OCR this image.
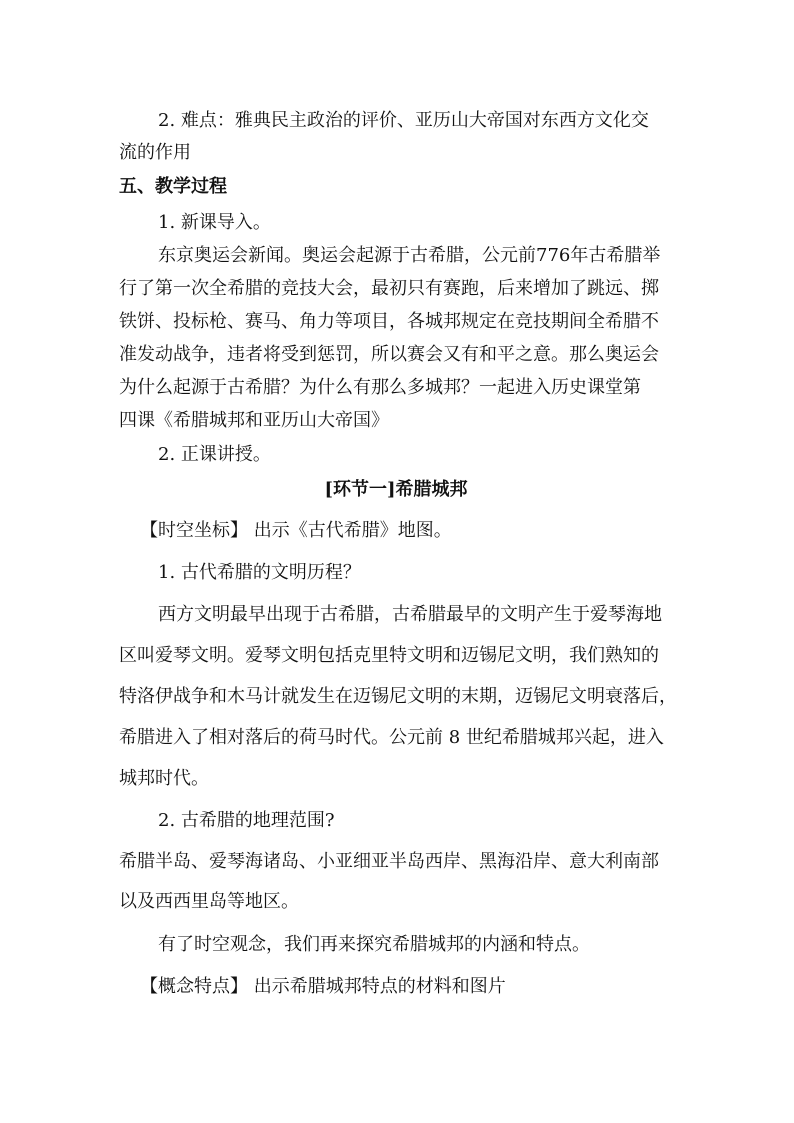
2. 难点：雅典民主政治的评价、亚历山大帝国对东西方文化交
流的作用
五、教学过程
1. 新课导入。
东京奥运会新闻。奥运会起源于古希腊，公元前776年古希腊举
行了第一次全希腊的竞技大会，最初只有赛跑，后来增加了跳远、掷
铁饼、投标枪、赛马、角力等项目，各城邦规定在竞技期间全希腊不
准发动战争，违者将受到惩罚，所以赛会又有和平之意。那么奥运会
为什么起源于古希腊？为什么有那么多城邦？一起进入历史课堂第
四课《希腊城邦和亚历山大帝国》
2. 正课讲授。
[环节一]希腊城邦
【时空坐标】 出示《古代希腊》地图。
1. 古代希腊的文明历程？
西方文明最早出现于古希腊，古希腊最早的文明产生于爱琴海地
区叫爱琴文明。爱琴文明包括克里特文明和迈锡尼文明，我们熟知的
特洛伊战争和木马计就发生在迈锡尼文明的末期，迈锡尼文明衰落后，
希腊进入了相对落后的荷马时代。公元前 8 世纪希腊城邦兴起，进入
城邦时代。
2. 古希腊的地理范围?
希腊半岛、爱琴海诸岛、小亚细亚半岛西岸、黑海沿岸、意大利南部
以及西西里岛等地区。
有了时空观念，我们再来探究希腊城邦的内涵和特点。
【概念特点】 出示希腊城邦特点的材料和图片
